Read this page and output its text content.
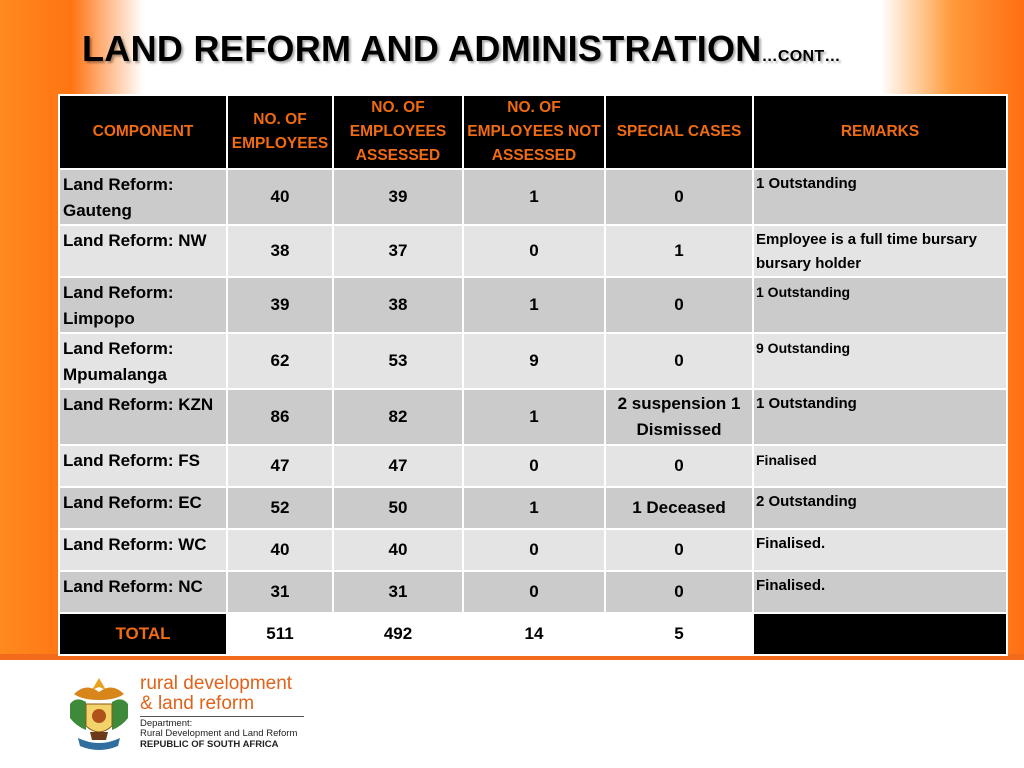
LAND REFORM AND ADMINISTRATION…CONT…
COMPONENT	NO. OF EMPLOYEES	NO. OF EMPLOYEES ASSESSED	NO. OF EMPLOYEES NOT ASSESSED	SPECIAL CASES	REMARKS
Land Reform: Gauteng	40	39	1	0	1 Outstanding
Land Reform: NW	38	37	0	1	Employee is a full time bursary bursary holder
Land Reform: Limpopo	39	38	1	0	1 Outstanding
Land Reform: Mpumalanga	62	53	9	0	9 Outstanding
Land Reform: KZN	86	82	1	2 suspension 1 Dismissed	1 Outstanding
Land Reform: FS	47	47	0	0	Finalised
Land Reform: EC	52	50	1	1 Deceased	2 Outstanding
Land Reform: WC	40	40	0	0	Finalised.
Land Reform: NC	31	31	0	0	Finalised.
TOTAL	511	492	14	5	
rural development
& land reform
Department:
Rural Development and Land Reform
REPUBLIC OF SOUTH AFRICA
